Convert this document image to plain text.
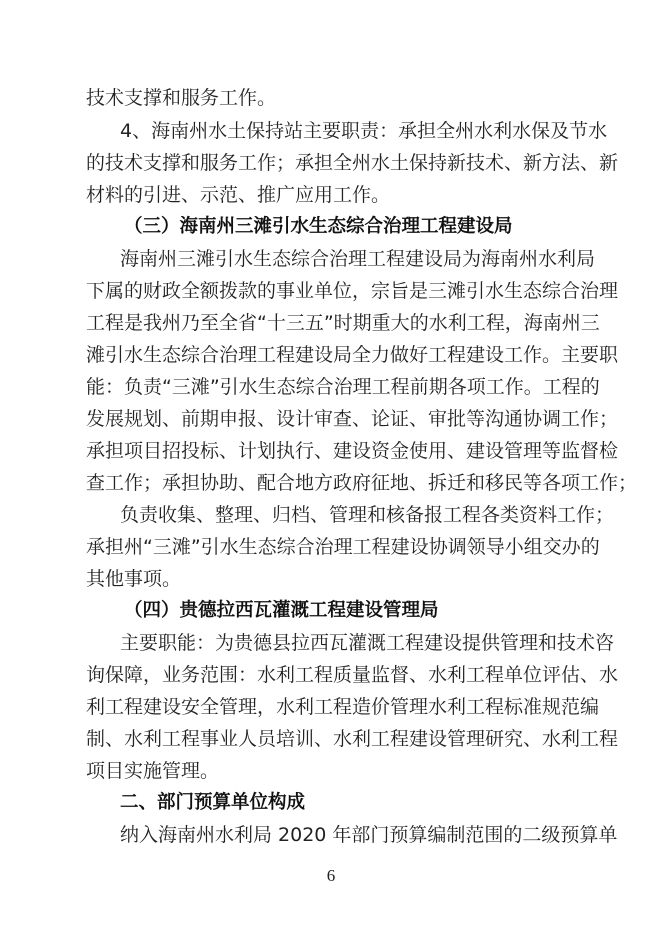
技术支撑和服务工作。
4、海南州水土保持站主要职责：承担全州水利水保及节水
的技术支撑和服务工作；承担全州水土保持新技术、新方法、新
材料的引进、示范、推广应用工作。
（三）海南州三滩引水生态综合治理工程建设局
海南州三滩引水生态综合治理工程建设局为海南州水利局
下属的财政全额拨款的事业单位，宗旨是三滩引水生态综合治理
工程是我州乃至全省“十三五”时期重大的水利工程，海南州三
滩引水生态综合治理工程建设局全力做好工程建设工作。主要职
能：负责“三滩”引水生态综合治理工程前期各项工作。工程的
发展规划、前期申报、设计审查、论证、审批等沟通协调工作；
承担项目招投标、计划执行、建设资金使用、建设管理等监督检
查工作；承担协助、配合地方政府征地、拆迁和移民等各项工作；
负责收集、整理、归档、管理和核备报工程各类资料工作；
承担州“三滩”引水生态综合治理工程建设协调领导小组交办的
其他事项。
（四）贵德拉西瓦灌溉工程建设管理局
主要职能：为贵德县拉西瓦灌溉工程建设提供管理和技术咨
询保障，业务范围：水利工程质量监督、水利工程单位评估、水
利工程建设安全管理，水利工程造价管理水利工程标准规范编
制、水利工程事业人员培训、水利工程建设管理研究、水利工程
项目实施管理。
二、部门预算单位构成
纳入海南州水利局 2020 年部门预算编制范围的二级预算单
6
